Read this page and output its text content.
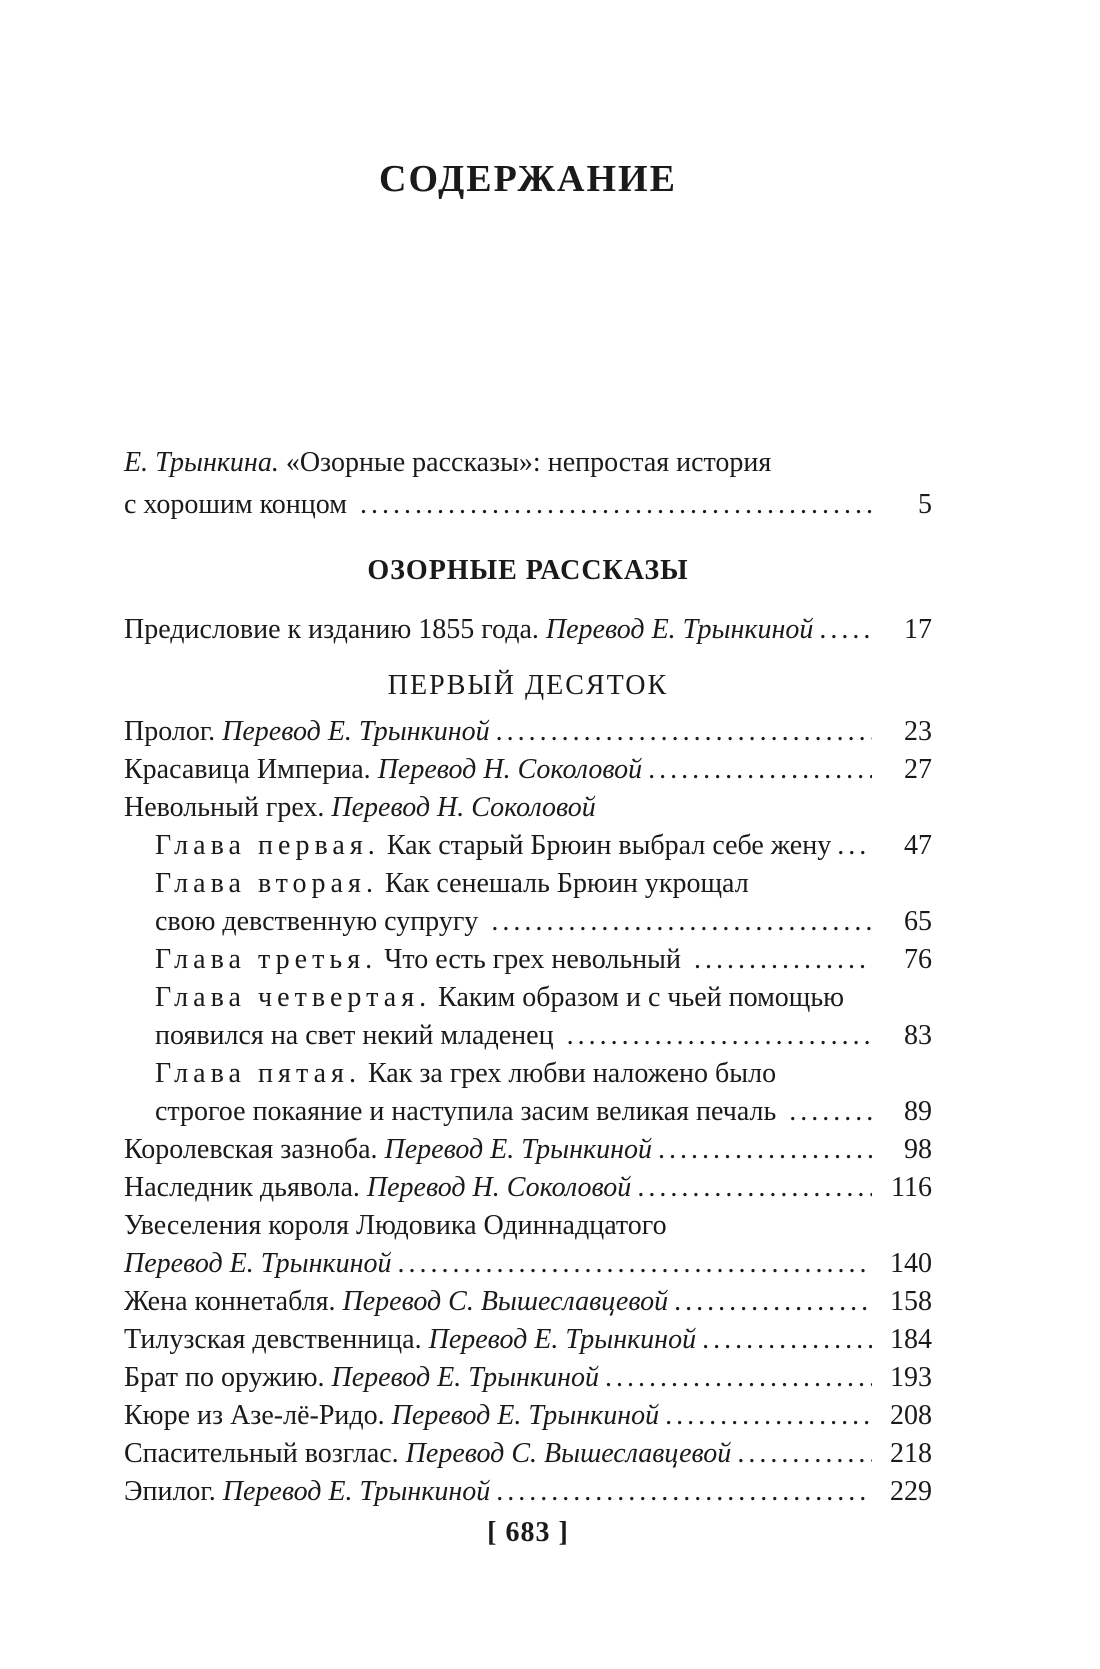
СОДЕРЖАНИЕ
Е. Трынкина. «Озорные рассказы»: непростая история
с хорошим концом .....	5
ОЗОРНЫЕ РАССКАЗЫ
Предисловие к изданию 1855 года. Перевод Е. Трынкиной .....	17
ПЕРВЫЙ ДЕСЯТОК
Пролог. Перевод Е. Трынкиной .....	23
Красавица Империа. Перевод Н. Соколовой .....	27
Невольный грех. Перевод Н. Соколовой
Глава первая. Как старый Брюин выбрал себе жену .....	47
Глава вторая. Как сенешаль Брюин укрощал
свою девственную супругу .....	65
Глава третья. Что есть грех невольный .....	76
Глава четвертая. Каким образом и с чьей помощью
появился на свет некий младенец .....	83
Глава пятая. Как за грех любви наложено было
строгое покаяние и наступила засим великая печаль .....	89
Королевская зазноба. Перевод Е. Трынкиной .....	98
Наследник дьявола. Перевод Н. Соколовой .....	116
Увеселения короля Людовика Одиннадцатого
Перевод Е. Трынкиной .....	140
Жена коннетабля. Перевод С. Вышеславцевой .....	158
Тилузская девственница. Перевод Е. Трынкиной .....	184
Брат по оружию. Перевод Е. Трынкиной .....	193
Кюре из Азе-лё-Ридо. Перевод Е. Трынкиной .....	208
Спасительный возглас. Перевод С. Вышеславцевой .....	218
Эпилог. Перевод Е. Трынкиной .....	229
[ 683 ]
